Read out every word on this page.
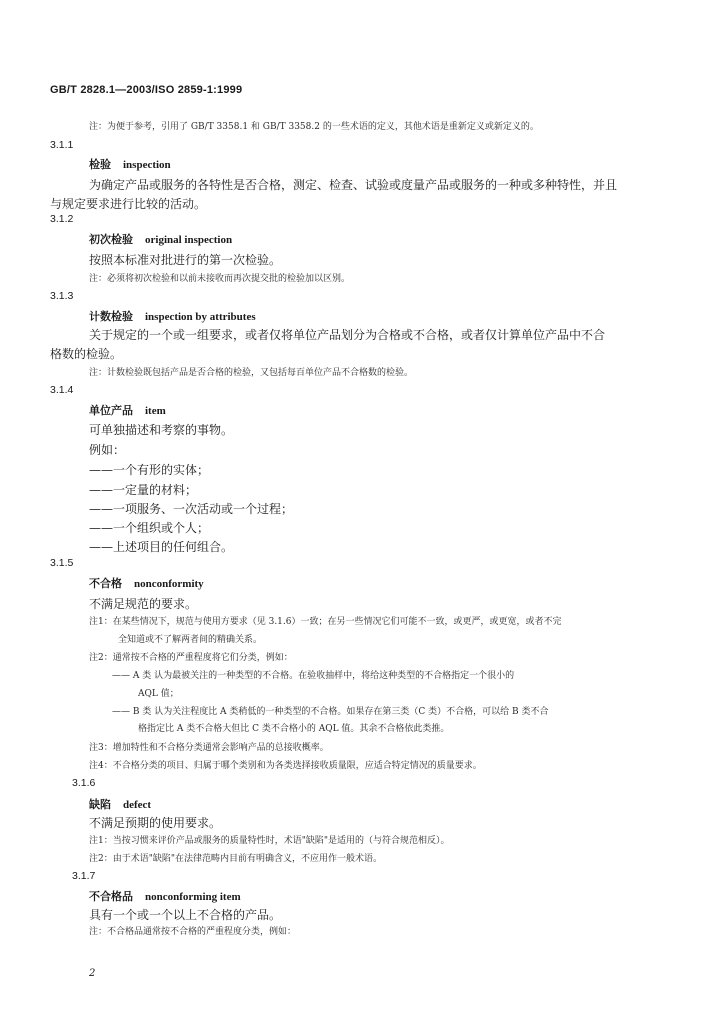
GB/T 2828.1—2003/ISO 2859-1:1999
注：为便于参考，引用了 GB/T 3358.1 和 GB/T 3358.2 的一些术语的定义，其他术语是重新定义或新定义的。
3.1.1
检验 inspection
为确定产品或服务的各特性是否合格，测定、检查、试验或度量产品或服务的一种或多种特性，并且
与规定要求进行比较的活动。
3.1.2
初次检验 original inspection
按照本标准对批进行的第一次检验。
注：必须将初次检验和以前未接收而再次提交批的检验加以区别。
3.1.3
计数检验 inspection by attributes
关于规定的一个或一组要求，或者仅将单位产品划分为合格或不合格，或者仅计算单位产品中不合
格数的检验。
注：计数检验既包括产品是否合格的检验，又包括每百单位产品不合格数的检验。
3.1.4
单位产品 item
可单独描述和考察的事物。
例如：
——一个有形的实体；
——一定量的材料；
——一项服务、一次活动或一个过程；
——一个组织或个人；
——上述项目的任何组合。
3.1.5
不合格 nonconformity
不满足规范的要求。
注1：在某些情况下，规范与使用方要求（见 3.1.6）一致；在另一些情况它们可能不一致，或更严，或更宽，或者不完
全知道或不了解两者间的精确关系。
注2：通常按不合格的严重程度将它们分类，例如：
—— A 类 认为最被关注的一种类型的不合格。在验收抽样中，将给这种类型的不合格指定一个很小的
AQL 值；
—— B 类 认为关注程度比 A 类稍低的一种类型的不合格。如果存在第三类（C 类）不合格，可以给 B 类不合
格指定比 A 类不合格大但比 C 类不合格小的 AQL 值。其余不合格依此类推。
注3：增加特性和不合格分类通常会影响产品的总接收概率。
注4：不合格分类的项目、归属于哪个类别和为各类选择接收质量限，应适合特定情况的质量要求。
3.1.6
缺陷 defect
不满足预期的使用要求。
注1：当按习惯来评价产品或服务的质量特性时，术语"缺陷"是适用的（与符合规范相反）。
注2：由于术语"缺陷"在法律范畴内目前有明确含义，不应用作一般术语。
3.1.7
不合格品 nonconforming item
具有一个或一个以上不合格的产品。
注：不合格品通常按不合格的严重程度分类，例如：
2
